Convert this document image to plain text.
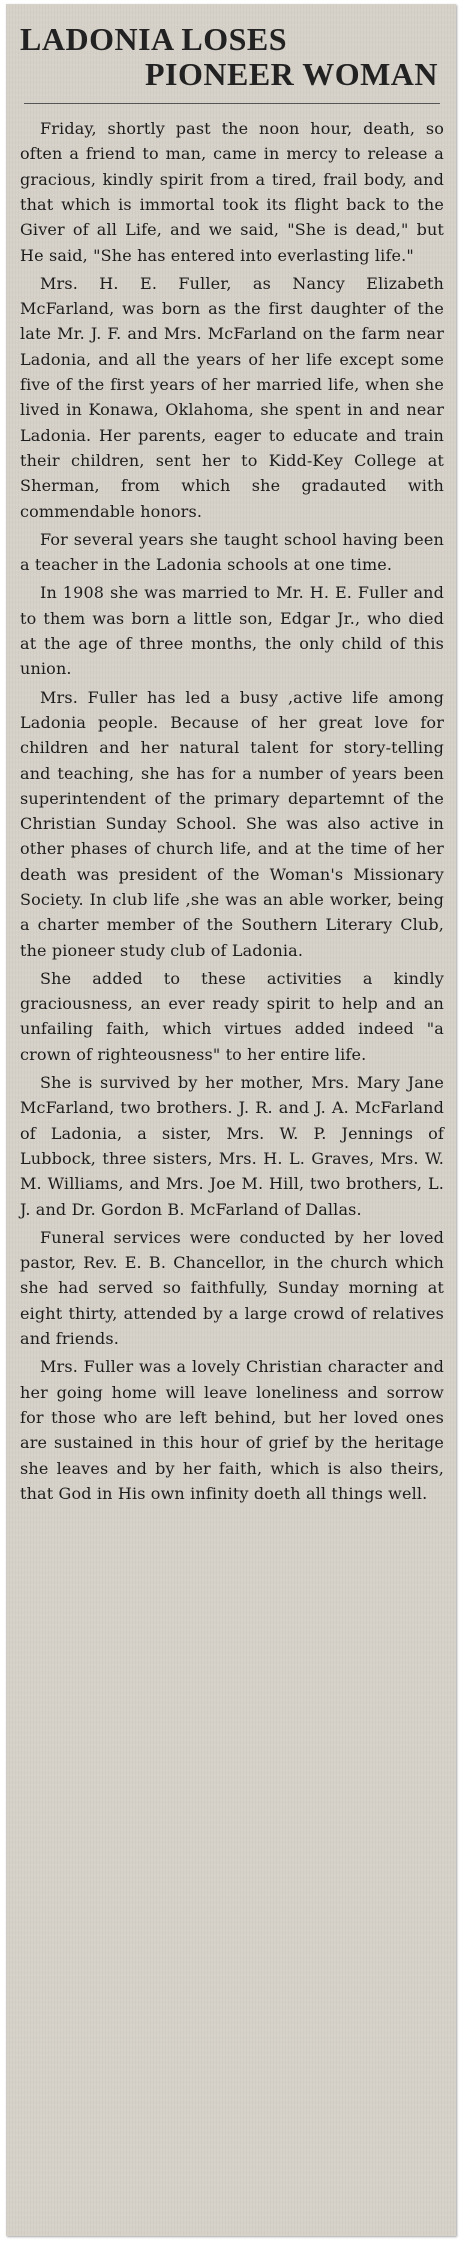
LADONIA LOSES
PIONEER WOMAN

Friday, shortly past the noon hour, death, so often a friend to man, came in mercy to release a gracious, kindly spirit from a tired, frail body, and that which is immortal took its flight back to the Giver of all Life, and we said, "She is dead," but He said, "She has entered into everlasting life."

Mrs. H. E. Fuller, as Nancy Elizabeth McFarland, was born as the first daughter of the late Mr. J. F. and Mrs. McFarland on the farm near Ladonia, and all the years of her life except some five of the first years of her married life, when she lived in Konawa, Oklahoma, she spent in and near Ladonia. Her parents, eager to educate and train their children, sent her to Kidd-Key College at Sherman, from which she gradauted with commendable honors.

For several years she taught school having been a teacher in the Ladonia schools at one time.

In 1908 she was married to Mr. H. E. Fuller and to them was born a little son, Edgar Jr., who died at the age of three months, the only child of this union.

Mrs. Fuller has led a busy ,active life among Ladonia people. Because of her great love for children and her natural talent for story-telling and teaching, she has for a number of years been superintendent of the primary departemnt of the Christian Sunday School. She was also active in other phases of church life, and at the time of her death was president of the Woman's Missionary Society. In club life ,she was an able worker, being a charter member of the Southern Literary Club, the pioneer study club of Ladonia.

She added to these activities a kindly graciousness, an ever ready spirit to help and an unfailing faith, which virtues added indeed "a crown of righteousness" to her entire life.

She is survived by her mother, Mrs. Mary Jane McFarland, two brothers. J. R. and J. A. McFarland of Ladonia, a sister, Mrs. W. P. Jennings of Lubbock, three sisters, Mrs. H. L. Graves, Mrs. W. M. Williams, and Mrs. Joe M. Hill, two brothers, L. J. and Dr. Gordon B. McFarland of Dallas.

Funeral services were conducted by her loved pastor, Rev. E. B. Chancellor, in the church which she had served so faithfully, Sunday morning at eight thirty, attended by a large crowd of relatives and friends.

Mrs. Fuller was a lovely Christian character and her going home will leave loneliness and sorrow for those who are left behind, but her loved ones are sustained in this hour of grief by the heritage she leaves and by her faith, which is also theirs, that God in His own infinity doeth all things well.
